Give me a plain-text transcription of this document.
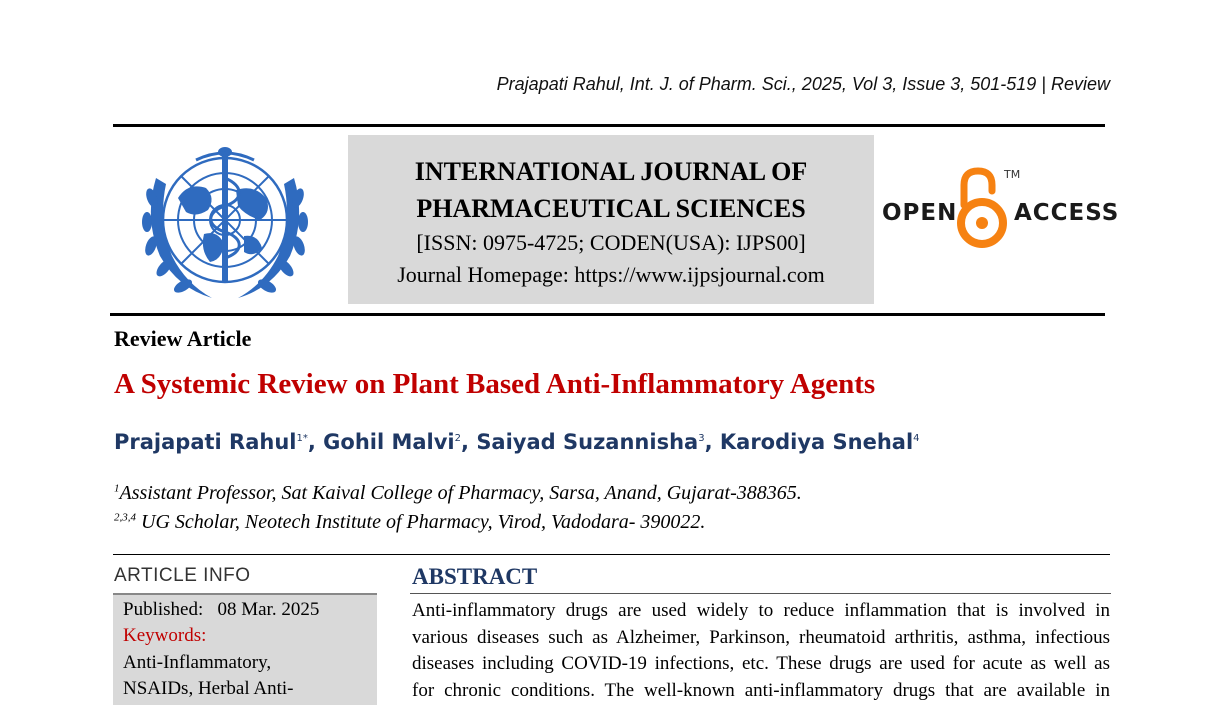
Prajapati Rahul, Int. J. of Pharm. Sci., 2025, Vol 3, Issue 3, 501-519 | Review
INTERNATIONAL JOURNAL OF
PHARMACEUTICAL SCIENCES
[ISSN: 0975-4725; CODEN(USA): IJPS00]
Journal Homepage: https://www.ijpsjournal.com
OPEN
TM
ACCESS
Review Article
A Systemic Review on Plant Based Anti-Inflammatory Agents
Prajapati Rahul$^{1*}$, Gohil Malvi$^2$, Saiyad Suzannisha$^3$, Karodiya Snehal$^4$
$^1$Assistant Professor, Sat Kaival College of Pharmacy, Sarsa, Anand, Gujarat-388365.
$^{2,3,4}$ UG Scholar, Neotech Institute of Pharmacy, Virod, Vadodara- 390022.
ARTICLE INFO
Published: 08 Mar. 2025
Keywords:
Anti-Inflammatory,
NSAIDs, Herbal Anti-
ABSTRACT
Anti-inflammatory drugs are used widely to reduce inflammation that is involved in
various diseases such as Alzheimer, Parkinson, rheumatoid arthritis, asthma, infectious
diseases including COVID-19 infections, etc. These drugs are used for acute as well as
for chronic conditions. The well-known anti-inflammatory drugs that are available in
